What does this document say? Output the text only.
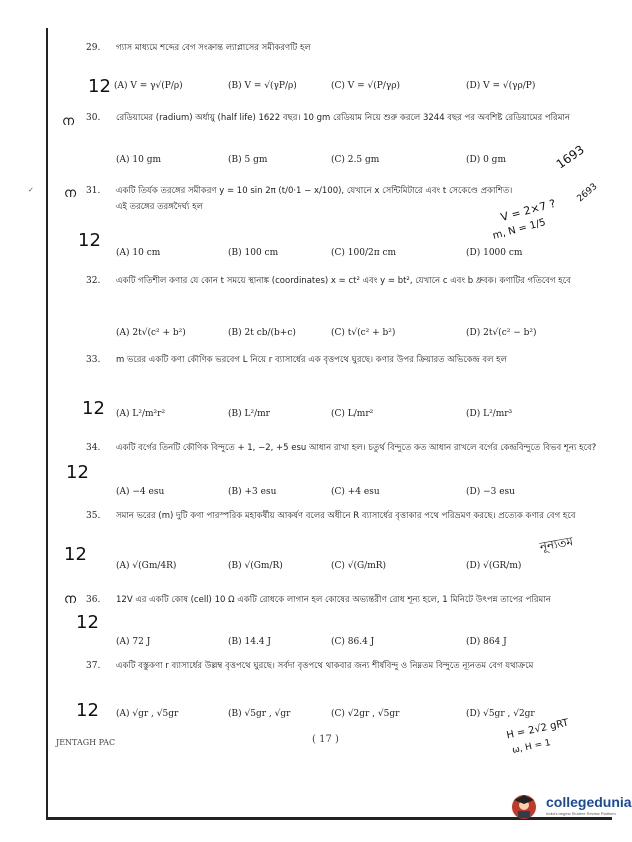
✓
29.	গ্যাস মাধ্যমে শব্দের বেগ সংক্রান্ত ল্যাপ্লাসের সমীকরণটি হল
(A) V = γ√(P/ρ)	(B) V = √(γP/ρ)	(C) V = √(P/γρ)	(D) V = √(γρ/P)
12
30.	রেডিয়ামের (radium) অর্ধায়ু (half life) 1622 বছর। 10 gm রেডিয়াম নিয়ে শুরু করলে 3244 বছর পর অবশিষ্ট রেডিয়ামের পরিমান
(A) 10 gm	(B) 5 gm	(C) 2.5 gm	(D) 0 gm
ന
31.	একটি তির্যক তরঙ্গের সমীকরণ y = 10 sin 2π (t/0·1 − x/100), যেখানে x সেন্টিমিটারে এবং t সেকেণ্ডে প্রকাশিত। এই তরঙ্গের তরঙ্গদৈর্ঘ্য হল
(A) 10 cm	(B) 100 cm	(C) 100/2π cm	(D) 1000 cm
ന
12
1693
2693
V = 2×7 ?
m, N = 1/5
32.	একটি গতিশীল কণার যে কোন t সময়ে স্থানাঙ্ক (coordinates) x = ct² এবং y = bt², যেখানে c এবং b ধ্রুবক। কণাটির গতিবেগ হবে
(A) 2t√(c² + b²)	(B) 2t cb/(b+c)	(C) t√(c² + b²)	(D) 2t√(c² − b²)
33.	m ভরের একটি কণা কৌণিক ভরবেগ L নিয়ে r ব্যাসার্ধের এক বৃত্তপথে ঘুরছে। কণার উপর ক্রিয়ারত অভিকেন্দ্র বল হল
(A) L²/m²r²	(B) L²/mr	(C) L/mr²	(D) L²/mr³
12
34.	একটি বর্গের তিনটি কৌণিক বিন্দুতে + 1, −2, +5 esu আধান রাখা হল। চতুর্থ বিন্দুতে কত আধান রাখলে বর্গের কেন্দ্রবিন্দুতে বিভব শূন্য হবে?
(A) −4 esu	(B) +3 esu	(C) +4 esu	(D) −3 esu
12
35.	সমান ভরের (m) দুটি কণা পারস্পরিক মহাকর্ষীয় আকর্ষণ বলের অধীনে R ব্যাসার্ধের বৃত্তাকার পথে পরিভ্রমণ করছে। প্রত্যেক কণার বেগ হবে
(A) √(Gm/4R)	(B) √(Gm/R)	(C) √(G/mR)	(D) √(GR/m)
12	নূন্যতম
36.	12V এর একটি কোষ (cell) 10 Ω একটি রোধকে লাগান হল কোষের অভ্যন্তরীণ রোধ শূন্য হলে, 1 মিনিটে উৎপন্ন তাপের পরিমান
(A) 72 J	(B) 14.4 J	(C) 86.4 J	(D) 864 J
ന
12
37.	একটি বস্তুকণা r ব্যাসার্ধের উল্লম্ব বৃত্তপথে ঘুরছে। সর্বদা বৃত্তপথে থাকবার জন্য শীর্ষবিন্দু ও নিম্নতম বিন্দুতে ন্যূনতম বেগ যথাক্রমে
(A) √gr , √5gr	(B) √5gr , √gr	(C) √2gr , √5gr	(D) √5gr , √2gr
12
H = 2√2 gRT
ω, H = 1
JENTAGH PAC	( 17 )
collegedunia
India's largest Student Review Platform
